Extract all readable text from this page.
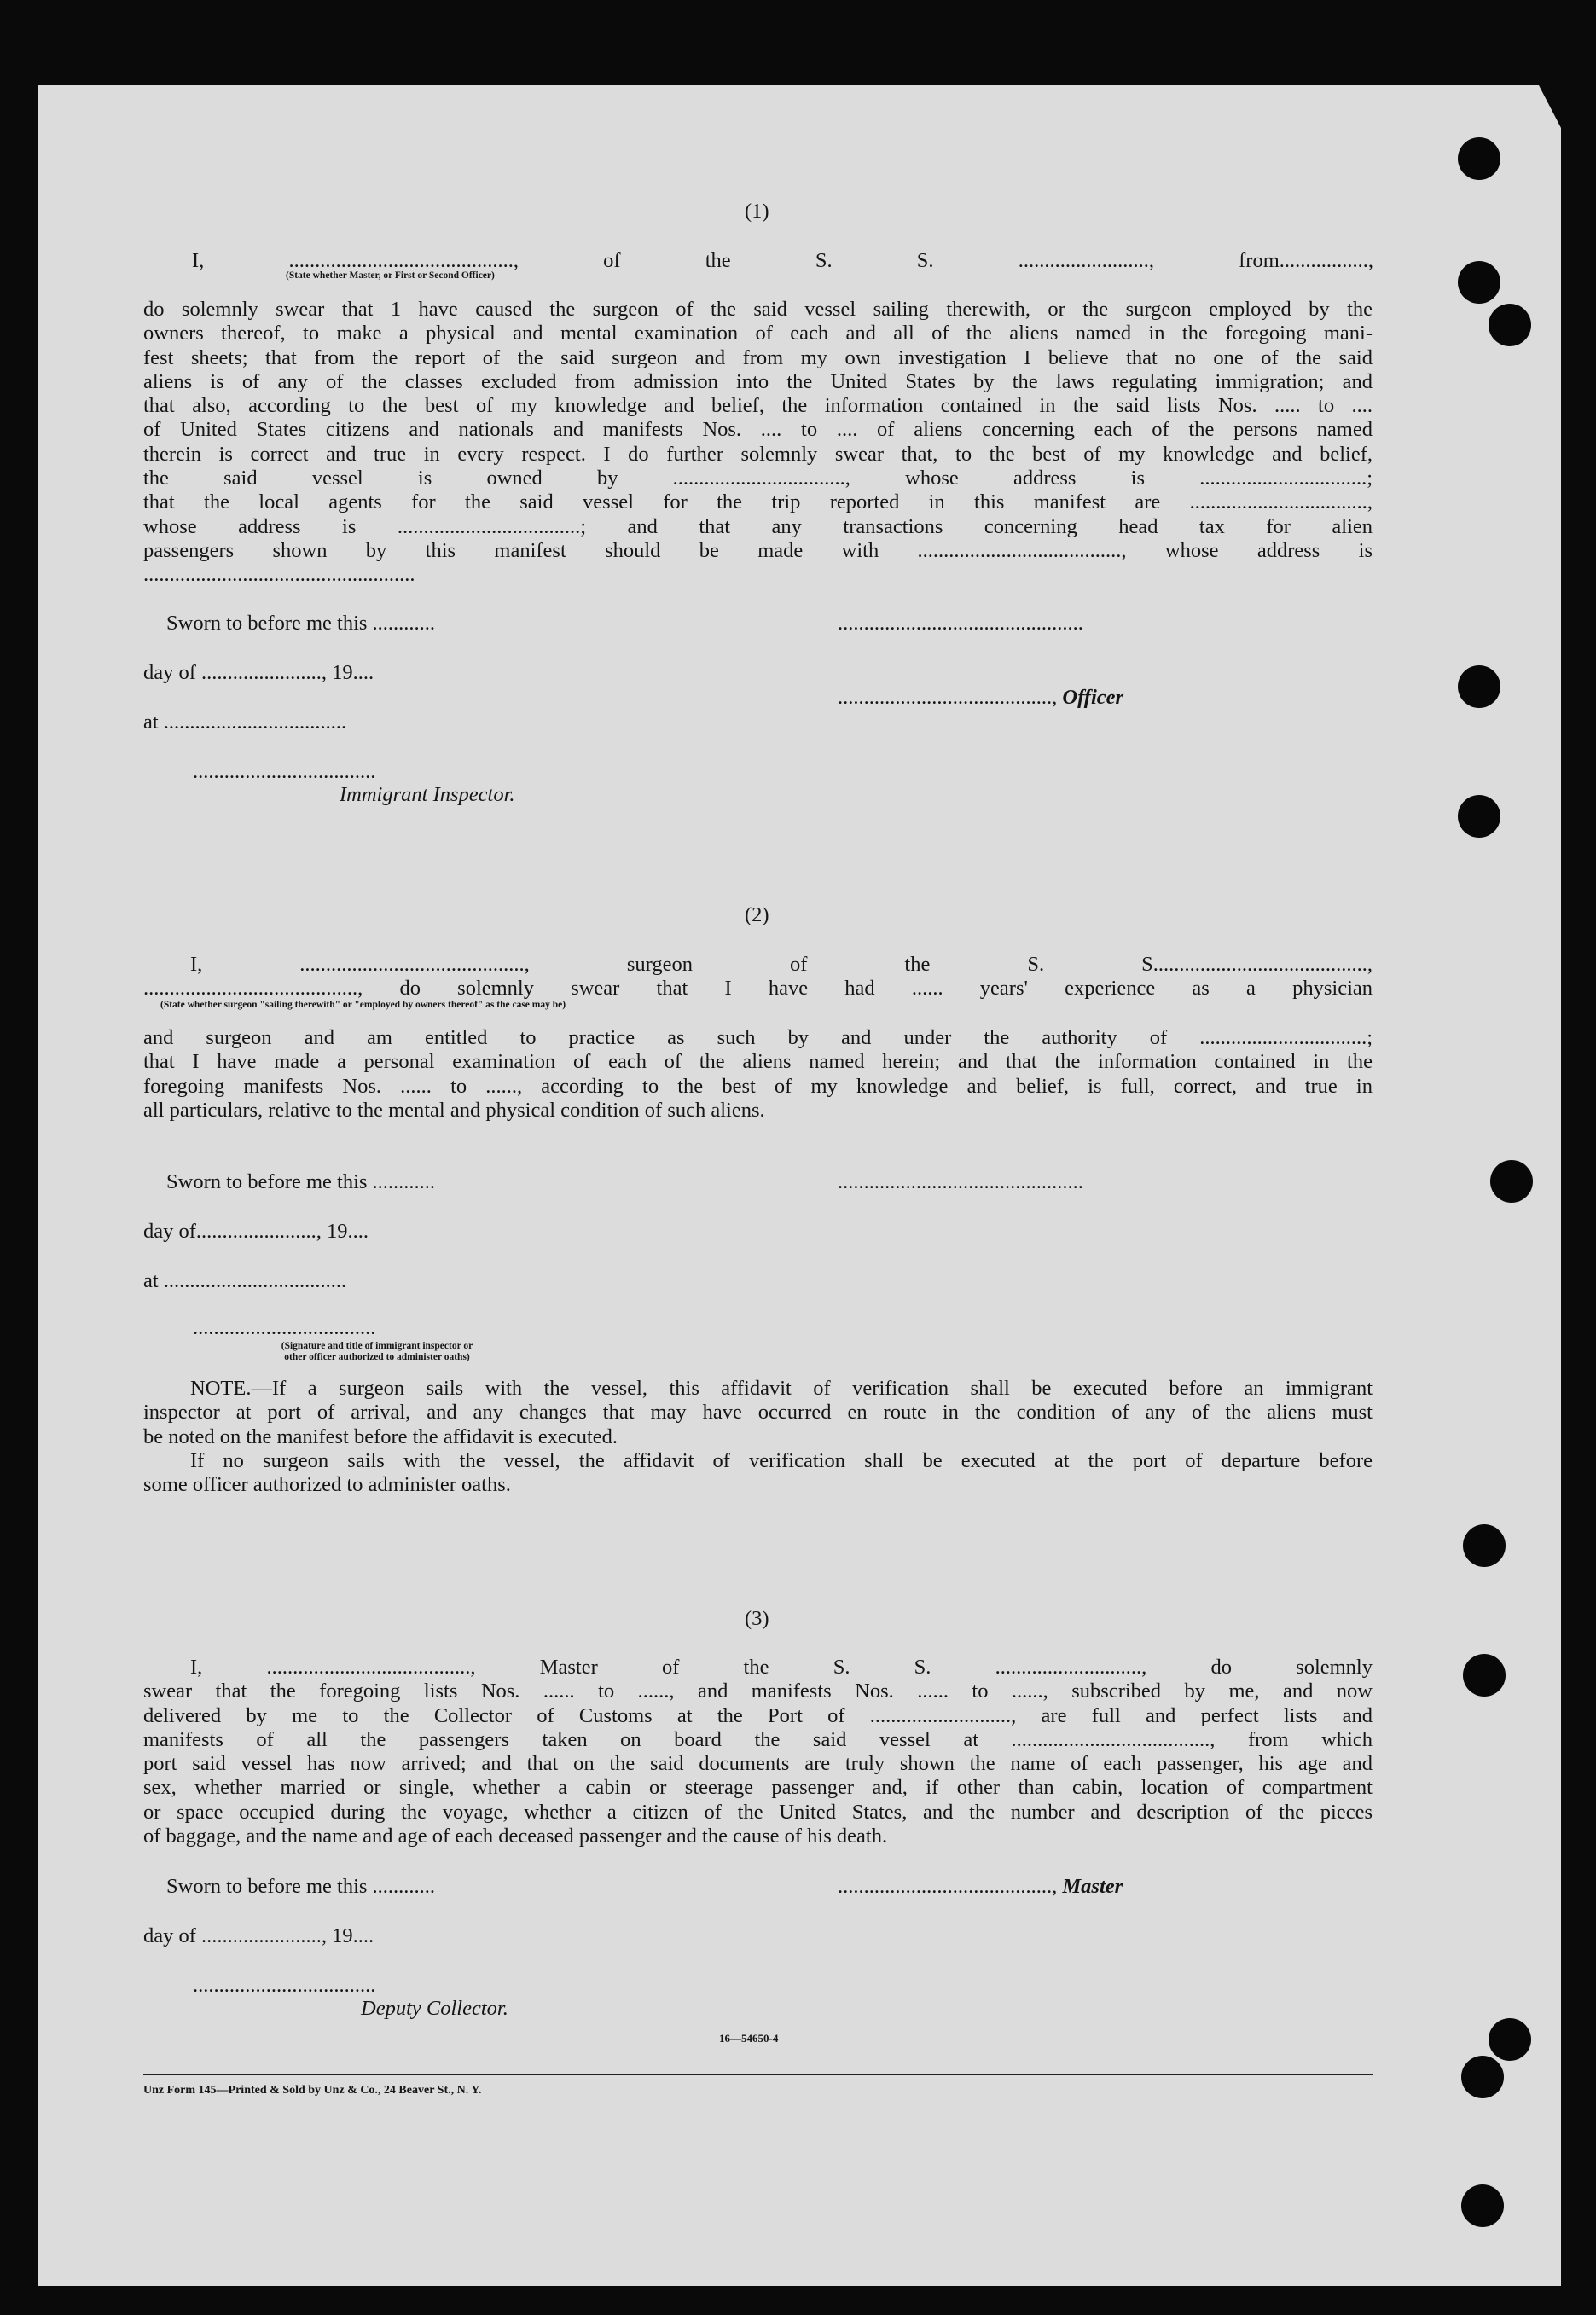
(1)
I, ..........................................., of the S. S. ........................., from.................,
(State whether Master, or First or Second Officer)
do solemnly swear that 1 have caused the surgeon of the said vessel sailing therewith, or the surgeon employed by the
owners thereof, to make a physical and mental examination of each and all of the aliens named in the foregoing mani-
fest sheets; that from the report of the said surgeon and from my own investigation I believe that no one of the said
aliens is of any of the classes excluded from admission into the United States by the laws regulating immigration; and
that also, according to the best of my knowledge and belief, the information contained in the said lists Nos. ..... to ....
of United States citizens and nationals and manifests Nos. .... to .... of aliens concerning each of the persons named
therein is correct and true in every respect. I do further solemnly swear that, to the best of my knowledge and belief,
the said vessel is owned by ................................., whose address is ................................;
that the local agents for the said vessel for the trip reported in this manifest are ..................................,
whose address is ...................................; and that any transactions concerning head tax for alien
passengers shown by this manifest should be made with ......................................., whose address is
....................................................
Sworn to before me this ............	...............................................
day of ......................., 19....
........................................., Officer
at ...................................
...................................
Immigrant Inspector.
(2)
I, ..........................................., surgeon of the S. S.........................................,
........................................., do solemnly swear that I have had ...... years' experience as a physician
(State whether surgeon "sailing therewith" or "employed by owners thereof" as the case may be)
and surgeon and am entitled to practice as such by and under the authority of ................................;
that I have made a personal examination of each of the aliens named herein; and that the information contained in the
foregoing manifests Nos. ...... to ......, according to the best of my knowledge and belief, is full, correct, and true in
all particulars, relative to the mental and physical condition of such aliens.
Sworn to before me this ............	...............................................
day of......................., 19....
at ...................................
...................................
(Signature and title of immigrant inspector or
other officer authorized to administer oaths)
NOTE.—If a surgeon sails with the vessel, this affidavit of verification shall be executed before an immigrant
inspector at port of arrival, and any changes that may have occurred en route in the condition of any of the aliens must
be noted on the manifest before the affidavit is executed.
If no surgeon sails with the vessel, the affidavit of verification shall be executed at the port of departure before
some officer authorized to administer oaths.
(3)
I, ......................................., Master of the S. S. ............................, do solemnly
swear that the foregoing lists Nos. ...... to ......, and manifests Nos. ...... to ......, subscribed by me, and now
delivered by me to the Collector of Customs at the Port of ..........................., are full and perfect lists and
manifests of all the passengers taken on board the said vessel at ......................................, from which
port said vessel has now arrived; and that on the said documents are truly shown the name of each passenger, his age and
sex, whether married or single, whether a cabin or steerage passenger and, if other than cabin, location of compartment
or space occupied during the voyage, whether a citizen of the United States, and the number and description of the pieces
of baggage, and the name and age of each deceased passenger and the cause of his death.
Sworn to before me this ............	........................................., Master
day of ......................., 19....
...................................
Deputy Collector.
16—54650-4
Unz Form 145—Printed & Sold by Unz & Co., 24 Beaver St., N. Y.
